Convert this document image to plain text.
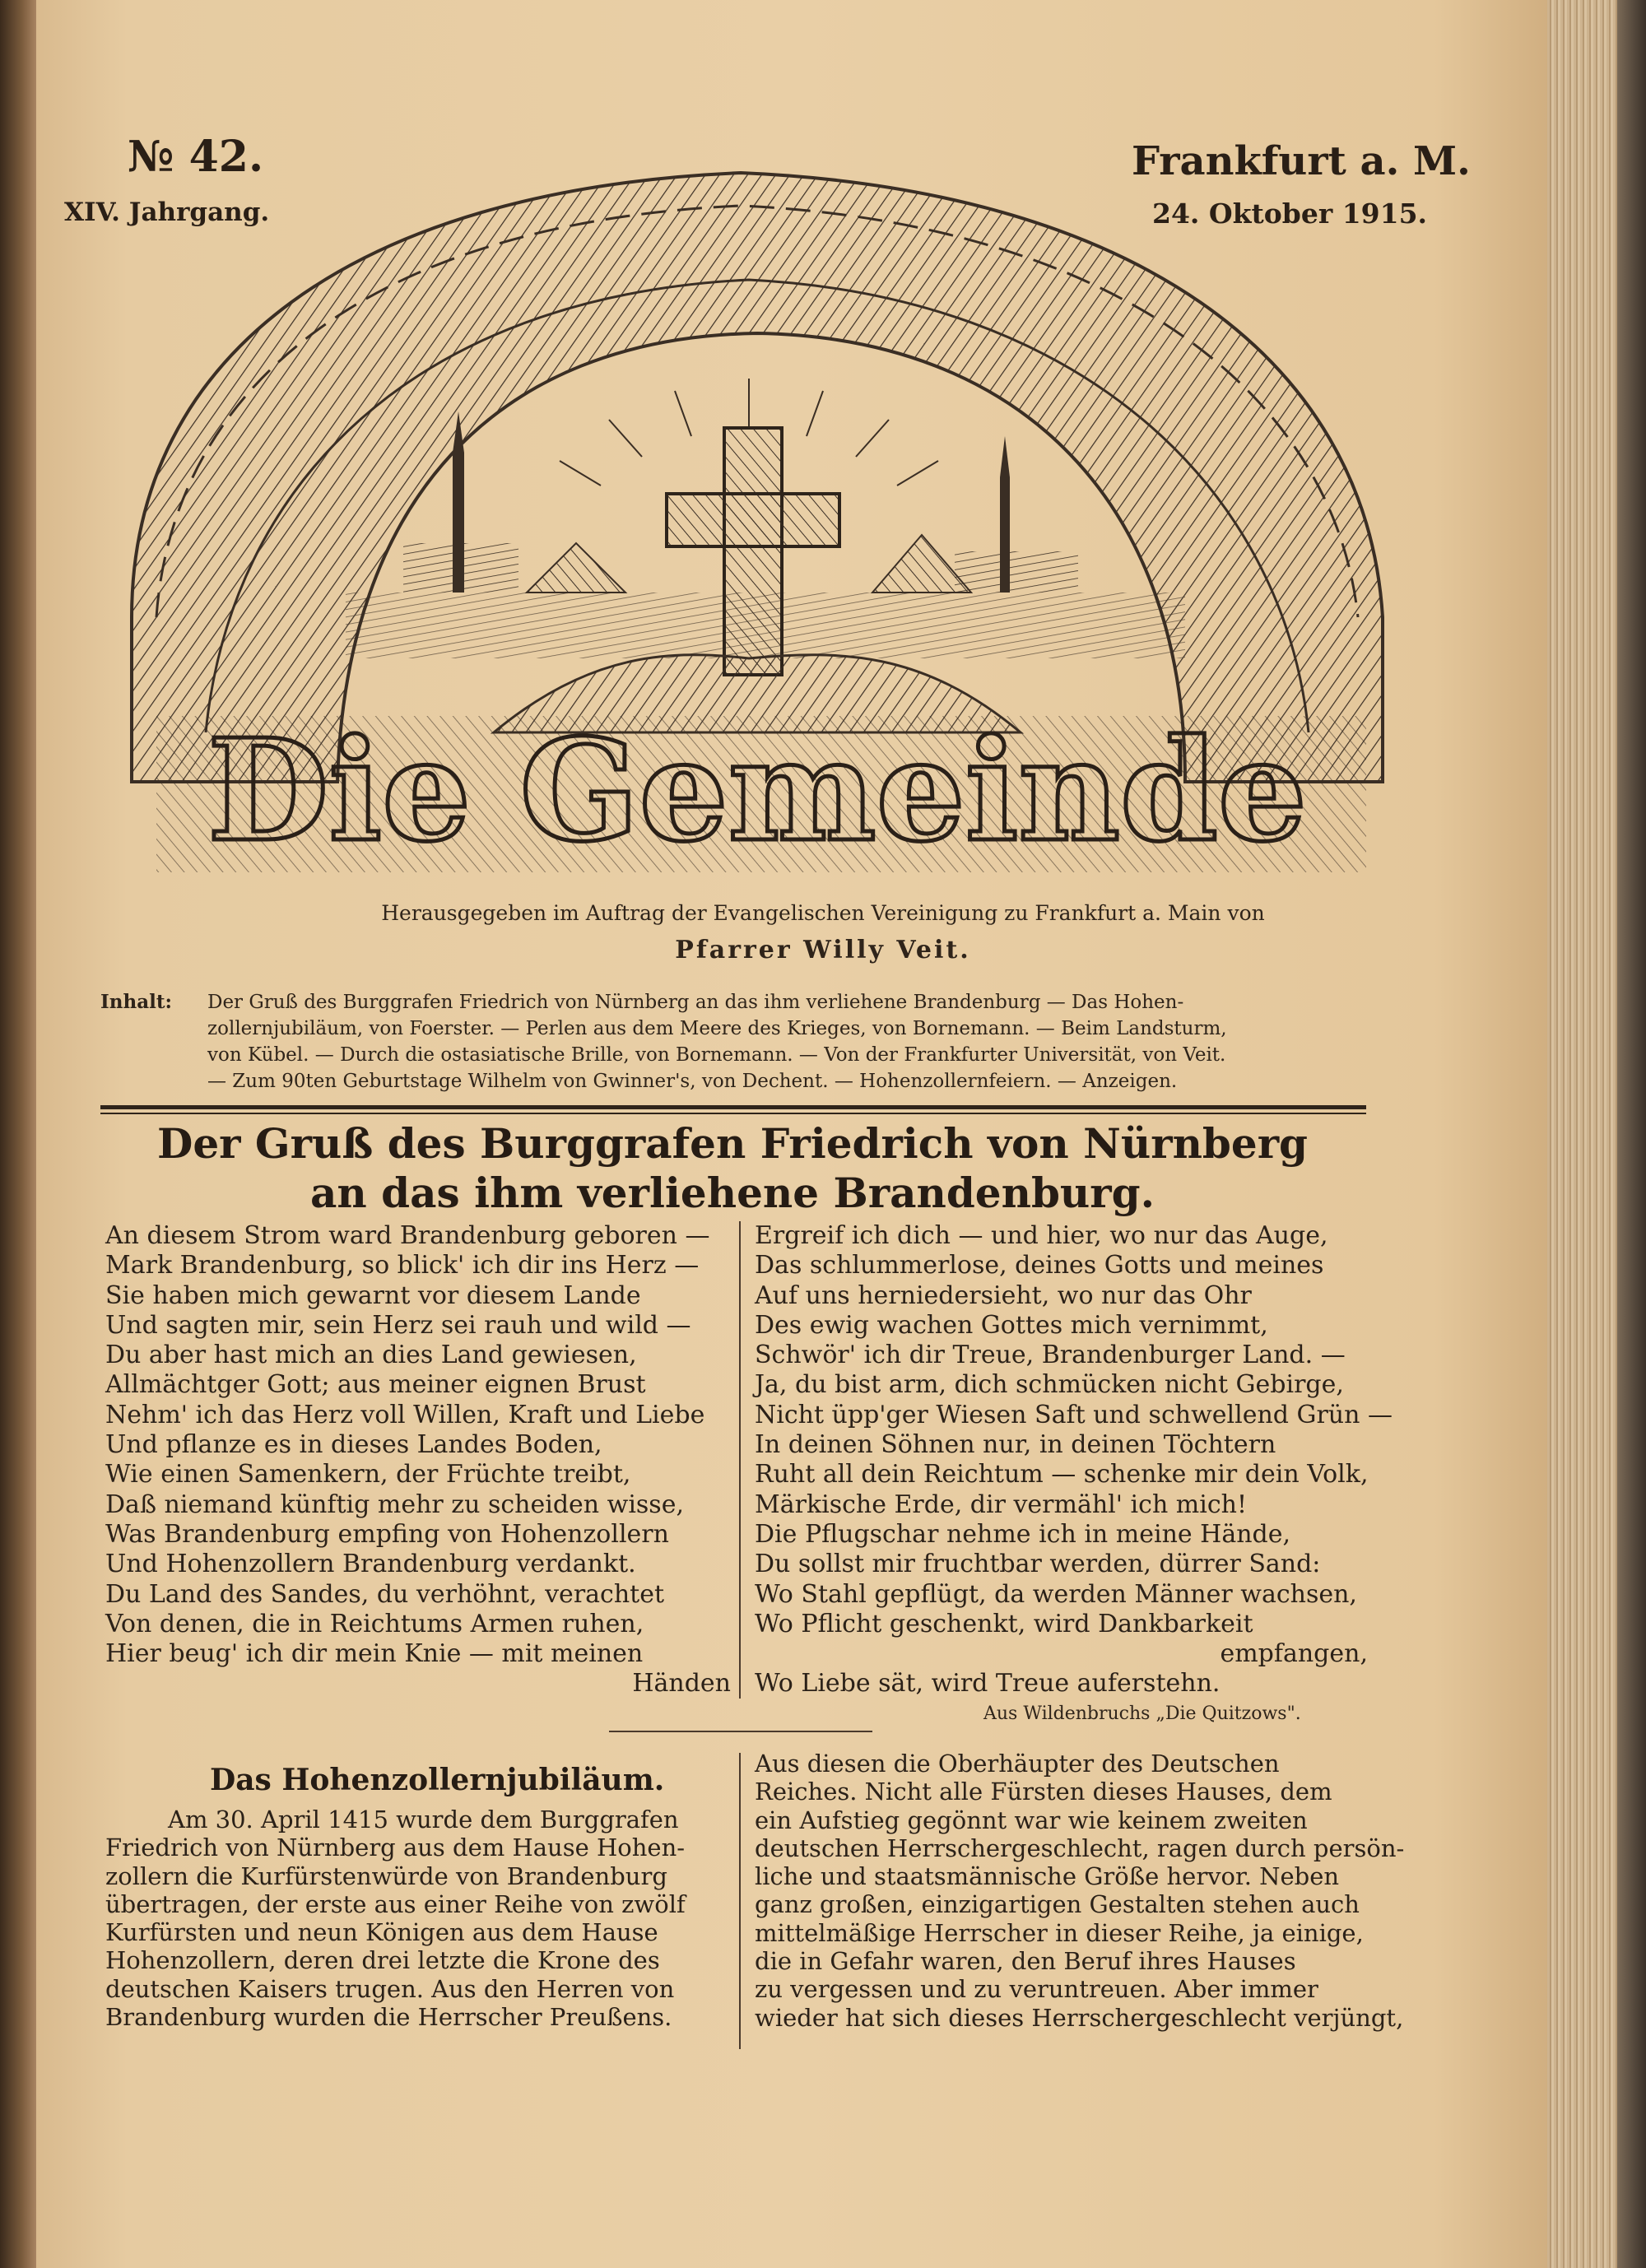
№ 42.
XIV. Jahrgang.
Frankfurt a. M.
24. Oktober 1915.
Die Gemeinde
Herausgegeben im Auftrag der Evangelischen Vereinigung zu Frankfurt a. Main von
Pfarrer Willy Veit.
Inhalt:	Der Gruß des Burggrafen Friedrich von Nürnberg an das ihm verliehene Brandenburg — Das Hohen-
zollernjubiläum, von Foerster. — Perlen aus dem Meere des Krieges, von Bornemann. — Beim Landsturm,
von Kübel. — Durch die ostasiatische Brille, von Bornemann. — Von der Frankfurter Universität, von Veit.
— Zum 90ten Geburtstage Wilhelm von Gwinner's, von Dechent. — Hohenzollernfeiern. — Anzeigen.
Der Gruß des Burggrafen Friedrich von Nürnberg
an das ihm verliehene Brandenburg.
An diesem Strom ward Brandenburg geboren —
Mark Brandenburg, so blick' ich dir ins Herz —
Sie haben mich gewarnt vor diesem Lande
Und sagten mir, sein Herz sei rauh und wild —
Du aber hast mich an dies Land gewiesen,
Allmächtger Gott; aus meiner eignen Brust
Nehm' ich das Herz voll Willen, Kraft und Liebe
Und pflanze es in dieses Landes Boden,
Wie einen Samenkern, der Früchte treibt,
Daß niemand künftig mehr zu scheiden wisse,
Was Brandenburg empfing von Hohenzollern
Und Hohenzollern Brandenburg verdankt.
Du Land des Sandes, du verhöhnt, verachtet
Von denen, die in Reichtums Armen ruhen,
Hier beug' ich dir mein Knie — mit meinen
Händen
Ergreif ich dich — und hier, wo nur das Auge,
Das schlummerlose, deines Gotts und meines
Auf uns herniedersieht, wo nur das Ohr
Des ewig wachen Gottes mich vernimmt,
Schwör' ich dir Treue, Brandenburger Land. —
Ja, du bist arm, dich schmücken nicht Gebirge,
Nicht üpp'ger Wiesen Saft und schwellend Grün —
In deinen Söhnen nur, in deinen Töchtern
Ruht all dein Reichtum — schenke mir dein Volk,
Märkische Erde, dir vermähl' ich mich!
Die Pflugschar nehme ich in meine Hände,
Du sollst mir fruchtbar werden, dürrer Sand:
Wo Stahl gepflügt, da werden Männer wachsen,
Wo Pflicht geschenkt, wird Dankbarkeit
empfangen,
Wo Liebe sät, wird Treue auferstehn.
Aus Wildenbruchs „Die Quitzows".
Das Hohenzollernjubiläum.
Am 30. April 1415 wurde dem Burggrafen
Friedrich von Nürnberg aus dem Hause Hohen-
zollern die Kurfürstenwürde von Brandenburg
übertragen, der erste aus einer Reihe von zwölf
Kurfürsten und neun Königen aus dem Hause
Hohenzollern, deren drei letzte die Krone des
deutschen Kaisers trugen. Aus den Herren von
Brandenburg wurden die Herrscher Preußens.
Aus diesen die Oberhäupter des Deutschen
Reiches. Nicht alle Fürsten dieses Hauses, dem
ein Aufstieg gegönnt war wie keinem zweiten
deutschen Herrschergeschlecht, ragen durch persön-
liche und staatsmännische Größe hervor. Neben
ganz großen, einzigartigen Gestalten stehen auch
mittelmäßige Herrscher in dieser Reihe, ja einige,
die in Gefahr waren, den Beruf ihres Hauses
zu vergessen und zu veruntreuen. Aber immer
wieder hat sich dieses Herrschergeschlecht verjüngt,
